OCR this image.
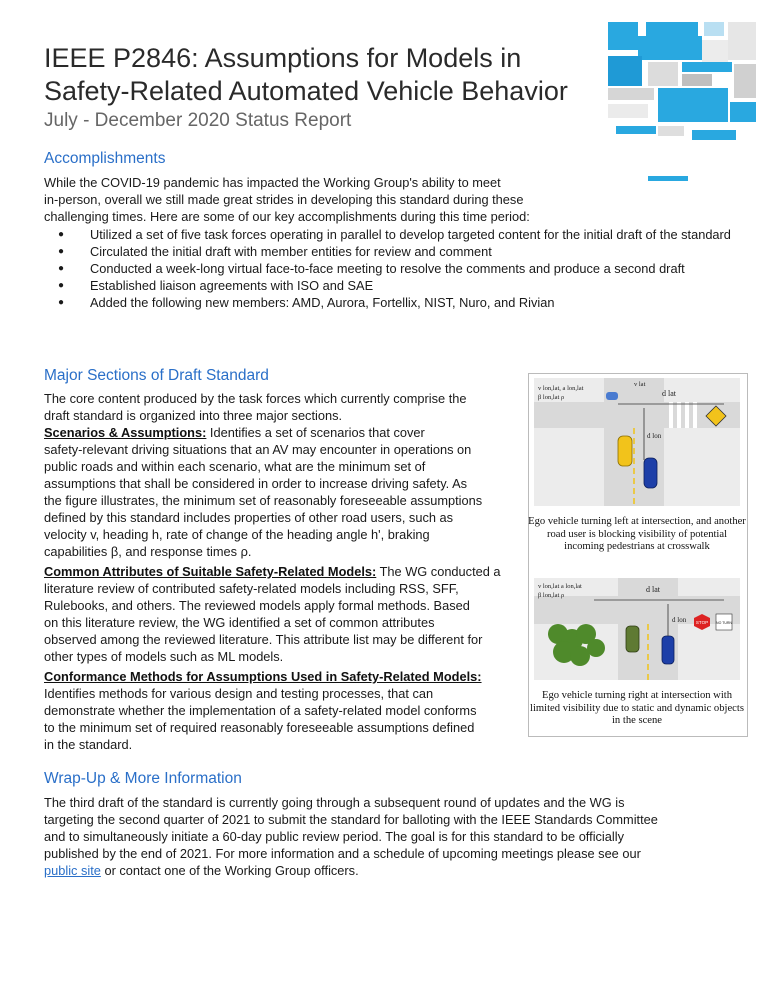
IEEE P2846: Assumptions for Models in
Safety-Related Automated Vehicle Behavior
July - December 2020 Status Report
Accomplishments

While the COVID-19 pandemic has impacted the Working Group's ability to meet
in-person, overall we still made great strides in developing this standard during these
challenging times. Here are some of our key accomplishments during this time period:

● Utilized a set of five task forces operating in parallel to develop targeted content for the initial draft of the standard
● Circulated the initial draft with member entities for review and comment
● Conducted a week-long virtual face-to-face meeting to resolve the comments and produce a second draft
● Established liaison agreements with ISO and SAE
● Added the following new members: AMD, Aurora, Fortellix, NIST, Nuro, and Rivian
Major Sections of Draft Standard

The core content produced by the task forces which currently comprise the
draft standard is organized into three major sections.
Scenarios & Assumptions: Identifies a set of scenarios that cover
safety-relevant driving situations that an AV may encounter in operations on
public roads and within each scenario, what are the minimum set of
assumptions that shall be considered in order to increase driving safety. As
the figure illustrates, the minimum set of reasonably foreseeable assumptions
defined by this standard includes properties of other road users, such as
velocity v, heading h, rate of change of the heading angle h', braking
capabilities β, and response times ρ.

Common Attributes of Suitable Safety-Related Models: The WG conducted a
literature review of contributed safety-related models including RSS, SFF,
Rulebooks, and others. The reviewed models apply formal methods. Based
on this literature review, the WG identified a set of common attributes
observed among the reviewed literature. This attribute list may be different for
other types of models such as ML models.

Conformance Methods for Assumptions Used in Safety-Related Models:
Identifies methods for various design and testing processes, that can
demonstrate whether the implementation of a safety-related model conforms
to the minimum set of required reasonably foreseeable assumptions defined
in the standard.

v lon,lat, a lon,lat
β lon,lat ρ
v lat
d lat
d lon
Ego vehicle turning left at intersection, and another road user is blocking visibility of potential incoming pedestrians at crosswalk
STOP NO TURN
v lon,lat a lon,lat
β lon,lat ρ
d lat
d lon
Ego vehicle turning right at intersection with limited visibility due to static and dynamic objects in the scene
Wrap-Up & More Information

The third draft of the standard is currently going through a subsequent round of updates and the WG is
targeting the second quarter of 2021 to submit the standard for balloting with the IEEE Standards Committee
and to simultaneously initiate a 60-day public review period. The goal is for this standard to be officially
published by the end of 2021. For more information and a schedule of upcoming meetings please see our
public site or contact one of the Working Group officers.
